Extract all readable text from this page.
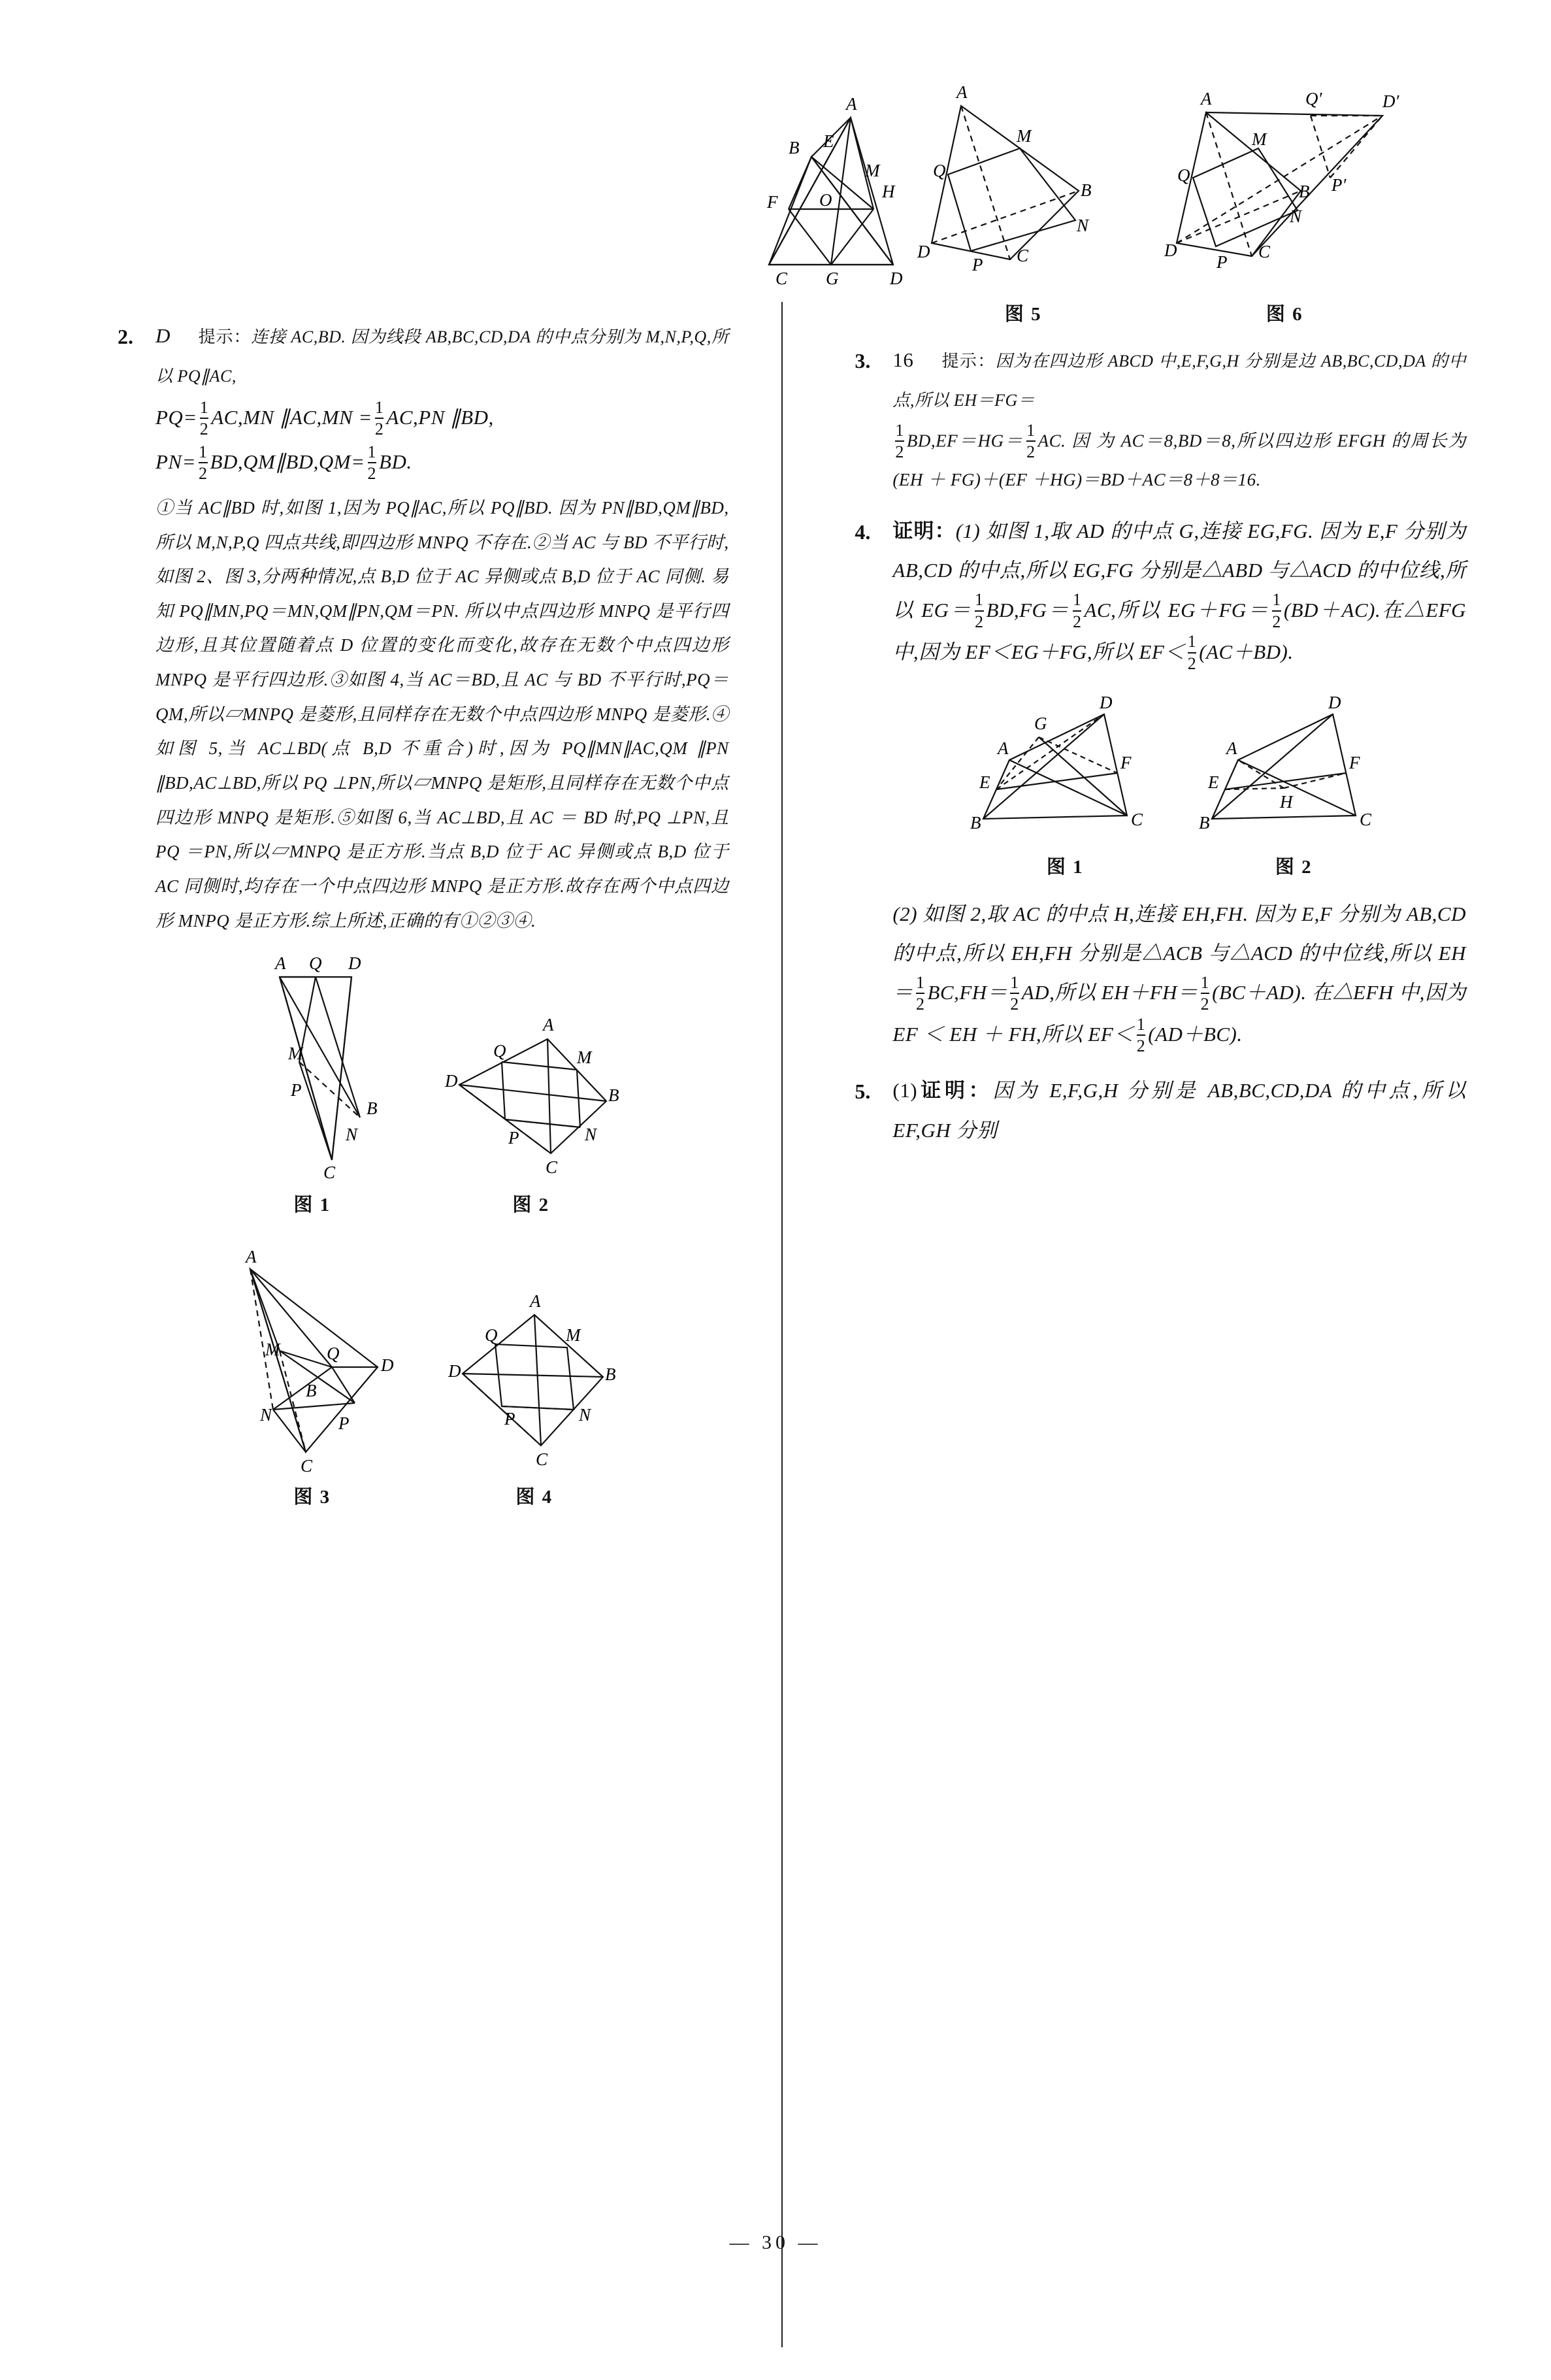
A
B E
M
F O	H
C G	D
2.	D 提示：连接 AC,BD. 因为线段 AB,BC,CD,DA 的中点分别为 M,N,P,Q,所以 PQ∥AC,
$PQ= \frac{1}{2} AC,MN$ ∥AC,MN = $\frac{1}{2} AC,PN$ ∥BD,
$PN= \frac{1}{2}$ BD,QM∥BD,QM= $\frac{1}{2}$ BD.
①当 AC∥BD 时,如图 1,因为 PQ∥AC,所以 PQ∥BD. 因为 PN∥BD,QM∥BD,所以 M,N,P,Q 四点共线,即四边形 MNPQ 不存在.②当 AC 与 BD 不平行时,如图 2、图 3,分两种情况,点 B,D 位于 AC 异侧或点 B,D 位于 AC 同侧. 易知 PQ∥MN,PQ＝MN,QM∥PN,QM＝PN. 所以中点四边形 MNPQ 是平行四边形,且其位置随着点 D 位置的变化而变化,故存在无数个中点四边形 MNPQ 是平行四边形.③如图 4,当 AC＝BD,且 AC 与 BD 不平行时,PQ＝QM,所以▱MNPQ 是菱形,且同样存在无数个中点四边形 MNPQ 是菱形.④如图 5,当 AC⊥BD(点 B,D 不重合)时,因为 PQ∥MN∥AC,QM ∥PN ∥BD,AC⊥BD,所以 PQ ⊥PN,所以▱MNPQ 是矩形,且同样存在无数个中点四边形 MNPQ 是矩形.⑤如图 6,当 AC⊥BD,且 AC ＝ BD 时,PQ ⊥PN,且 PQ ＝PN,所以▱MNPQ 是正方形.当点 B,D 位于 AC 异侧或点 B,D 位于 AC 同侧时,均存在一个中点四边形 MNPQ 是正方形.故存在两个中点四边形 MNPQ 是正方形.综上所述,正确的有①②③④.
A Q D
M
P
B
N
C
图 1
A
Q	M
D
B
P	N
C
图 2
A
Q
M
D
B
N	P
C
图 3
A
Q	M
D	B
P	N
C
图 4
A
M
Q
B
N
D
P C
图 5
A	Q′	D′
M
Q
B P′
N
D
P
C
图 6
3.	16 提示：因为在四边形 ABCD 中,E,F,G,H 分别是边 AB,BC,CD,DA 的中点,所以 EH＝FG＝
$\frac{1}{2} BD,EF=HG= \frac{1}{2}$ AC. 因 为 AC＝8,BD＝8,所以四边形 EFGH 的周长为(EH ＋ FG)＋(EF ＋HG)＝BD＋AC＝8＋8＝16.
4.	证明：(1) 如图 1,取 AD 的中点 G,连接 EG,FG. 因为 E,F 分别为 AB,CD 的中点,所以 EG,FG 分别是△ABD 与△ACD 的中位线,所以 $EG= \frac{1}{2} BD,FG= \frac{1}{2}$ AC,所以 $EG+FG= \frac{1}{2} (BD+AC)$.在△EFG 中,因为 EF＜EG＋FG,所以 $EF< \frac{1}{2} (AC+BD)$.
A
G
D
F
E
B	C
图 1
A
D
F
E
H
B	C
图 2
(2) 如图 2,取 AC 的中点 H,连接 EH,FH. 因为 E,F 分别为 AB,CD 的中点,所以 EH,FH 分别是△ACB 与△ACD 的中位线,所以 $EH= \frac{1}{2} BC,FH= \frac{1}{2}$ AD,所以 $EH+FH= \frac{1}{2} (BC+AD)$. 在△EFH 中,因为 EF ＜ EH ＋ FH,所以 $EF< \frac{1}{2} (AD+BC)$.
5.	(1)证明：因为 E,F,G,H 分别是 AB,BC,CD,DA 的中点,所以 EF,GH 分别
— 30 —
